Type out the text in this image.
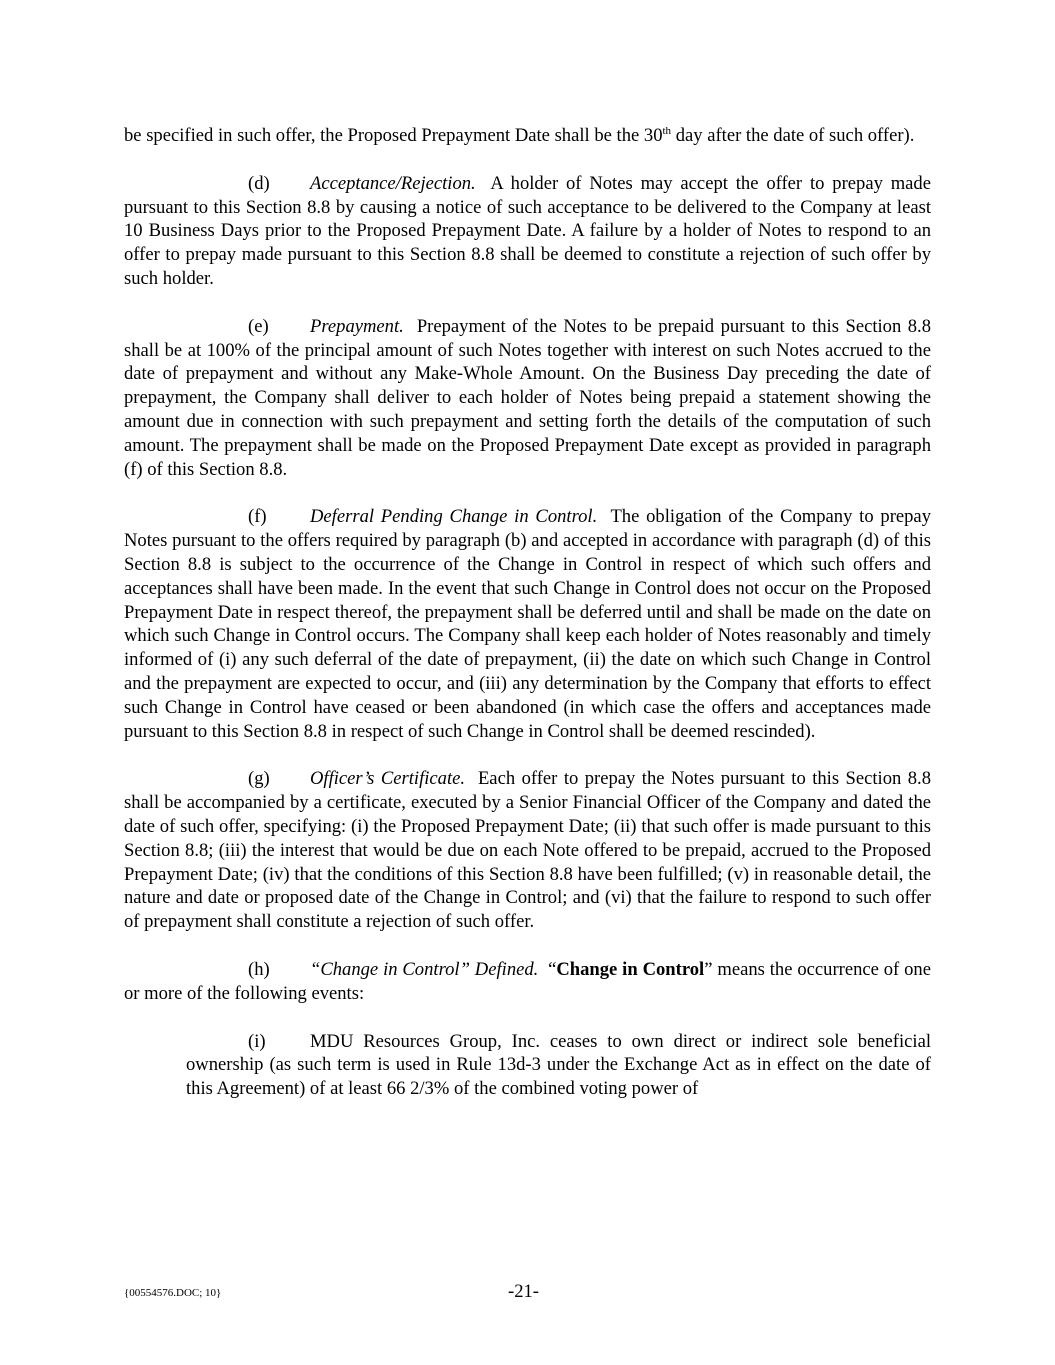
be specified in such offer, the Proposed Prepayment Date shall be the 30th day after the date of such offer).

(d) Acceptance/Rejection. A holder of Notes may accept the offer to prepay made pursuant to this Section 8.8 by causing a notice of such acceptance to be delivered to the Company at least 10 Business Days prior to the Proposed Prepayment Date. A failure by a holder of Notes to respond to an offer to prepay made pursuant to this Section 8.8 shall be deemed to constitute a rejection of such offer by such holder.

(e) Prepayment. Prepayment of the Notes to be prepaid pursuant to this Section 8.8 shall be at 100% of the principal amount of such Notes together with interest on such Notes accrued to the date of prepayment and without any Make-Whole Amount. On the Business Day preceding the date of prepayment, the Company shall deliver to each holder of Notes being prepaid a statement showing the amount due in connection with such prepayment and setting forth the details of the computation of such amount. The prepayment shall be made on the Proposed Prepayment Date except as provided in paragraph (f) of this Section 8.8.

(f) Deferral Pending Change in Control. The obligation of the Company to prepay Notes pursuant to the offers required by paragraph (b) and accepted in accordance with paragraph (d) of this Section 8.8 is subject to the occurrence of the Change in Control in respect of which such offers and acceptances shall have been made. In the event that such Change in Control does not occur on the Proposed Prepayment Date in respect thereof, the prepayment shall be deferred until and shall be made on the date on which such Change in Control occurs. The Company shall keep each holder of Notes reasonably and timely informed of (i) any such deferral of the date of prepayment, (ii) the date on which such Change in Control and the prepayment are expected to occur, and (iii) any determination by the Company that efforts to effect such Change in Control have ceased or been abandoned (in which case the offers and acceptances made pursuant to this Section 8.8 in respect of such Change in Control shall be deemed rescinded).

(g) Officer’s Certificate. Each offer to prepay the Notes pursuant to this Section 8.8 shall be accompanied by a certificate, executed by a Senior Financial Officer of the Company and dated the date of such offer, specifying: (i) the Proposed Prepayment Date; (ii) that such offer is made pursuant to this Section 8.8; (iii) the interest that would be due on each Note offered to be prepaid, accrued to the Proposed Prepayment Date; (iv) that the conditions of this Section 8.8 have been fulfilled; (v) in reasonable detail, the nature and date or proposed date of the Change in Control; and (vi) that the failure to respond to such offer of prepayment shall constitute a rejection of such offer.

(h) “Change in Control” Defined. “Change in Control” means the occurrence of one or more of the following events:

(i) MDU Resources Group, Inc. ceases to own direct or indirect sole beneficial ownership (as such term is used in Rule 13d-3 under the Exchange Act as in effect on the date of this Agreement) of at least 66 2/3% of the combined voting power of

{00554576.DOC; 10}	-21-
